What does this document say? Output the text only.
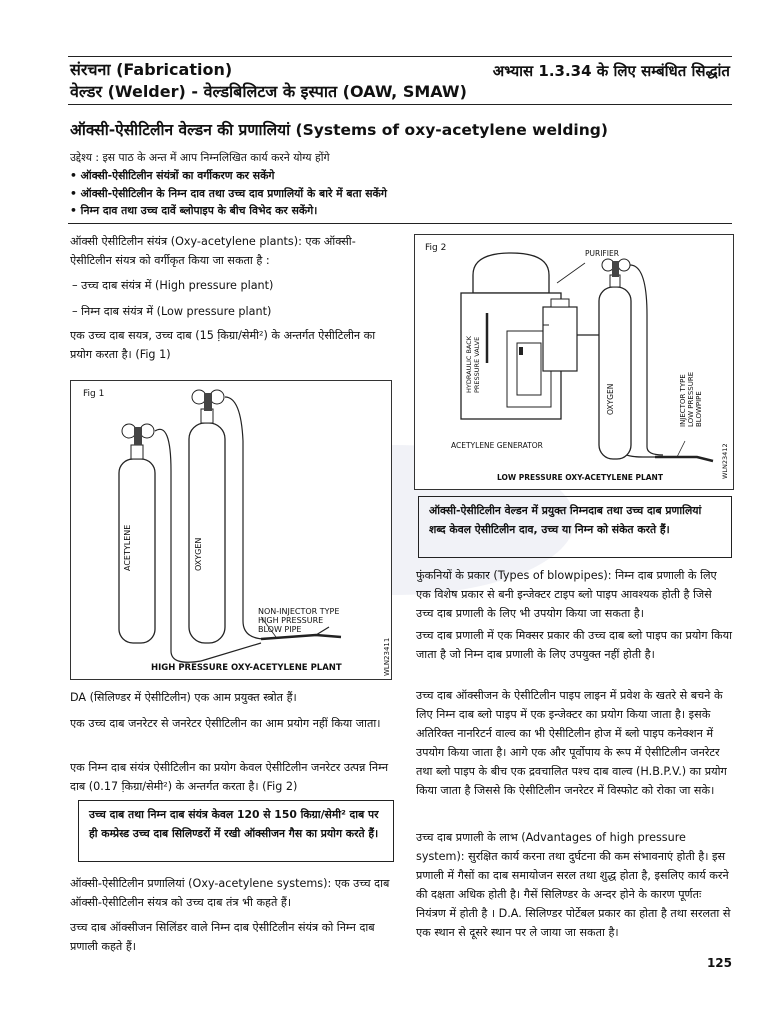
संरचना (Fabrication)	अभ्यास 1.3.34 के लिए सम्बंधित सिद्धांत
वेल्डर (Welder) - वेल्डबिलिटज के इस्पात (OAW, SMAW)
ऑक्सी-ऐसीटिलीन वेल्डन की प्रणालियां (Systems of oxy-acetylene welding)
उद्देश्य : इस पाठ के अन्त में आप निम्नलिखित कार्य करने योग्य होंगे
• ऑक्सी-ऐसीटिलीन संयंत्रों का वर्गीकरण कर सकेंगे
• ऑक्सी-ऐसीटिलीन के निम्न दाव तथा उच्च दाव प्रणालियों के बारे में बता सकेंगे
• निम्न दाव तथा उच्च दावें ब्लोपाइप के बीच विभेद कर सकेंगे।
ऑक्सी ऐसीटिलीन संयंत्र (Oxy-acetylene plants): एक ऑक्सी-ऐसीटिलीन संयत्र को वर्गीकृत किया जा सकता है :
– उच्च दाब संयंत्र में (High pressure plant)
– निम्न दाब संयंत्र में (Low pressure plant)
एक उच्च दाब सयत्र, उच्च दाब (15 कि़ग्रा/सेमी²) के अन्तर्गत ऐसीटिलीन का प्रयोग करता है। (Fig 1)
Fig 1
ACETYLENE	OXYGEN
NON-INJECTOR TYPE
HIGH PRESSURE
BLOW PIPE
HIGH PRESSURE OXY-ACETYLENE PLANT	WLN23411
DA (सिलिण्डर में ऐसीटिलीन) एक आम प्रयुक्त स्त्रोत हैं।
एक उच्च दाब जनरेटर से जनरेटर ऐसीटिलीन का आम प्रयोग नहीं किया जाता।
एक निम्न दाब संयंत्र ऐसीटिलीन का प्रयोग केवल ऐसीटिलीन जनरेटर उत्पन्न निम्न दाब (0.17 कि़ग्रा/सेमी²) के अन्तर्गत करता है। (Fig 2)
उच्च दाब तथा निम्न दाब संयंत्र केवल 120 से 150 किग्रा/सेमी² दाब पर ही कम्प्रेस्ड उच्च दाब सिलिण्डरों में रखी ऑक्सीजन गैस का प्रयोग करते हैं।
ऑक्सी-ऐसीटिलीन प्रणालियां (Oxy-acetylene systems): एक उच्च दाब ऑक्सी-ऐसीटिलीन संयत्र को उच्च दाब तंत्र भी कहते हैं।
उच्च दाब ऑक्सीजन सिलिंडर वाले निम्न दाब ऐसीटिलीन संयंत्र को निम्न दाब प्रणाली कहते हैं।
Fig 2
PURIFIER
HYDRAULIC BACK
PRESSURE VALVE
OXYGEN	INJECTOR TYPE
LOW PRESSURE
BLOWPIPE
ACETYLENE GENERATOR
LOW PRESSURE OXY-ACETYLENE PLANT	WLN23412
ऑक्सी-ऐसीटिलीन वेल्डन में प्रयुक्त निम्नदाब तथा उच्च दाब प्रणालियां शब्द केवल ऐसीटिलीन दाव, उच्च या निम्न को संकेत करते हैं।
फुंकनियों के प्रकार (Types of blowpipes): निम्न दाब प्रणाली के लिए एक विशेष प्रकार से बनी इन्जेक्टर टाइप ब्लो पाइप आवश्यक होती है जिसे उच्च दाब प्रणाली के लिए भी उपयोग किया जा सकता है।
उच्च दाब प्रणाली में एक मिक्सर प्रकार की उच्च दाब ब्लो पाइप का प्रयोग किया जाता है जो निम्न दाब प्रणाली के लिए उपयुक्त नहीं होती है।
उच्च दाब ऑक्सीजन के ऐसीटिलीन पाइप लाइन में प्रवेश के खतरे से बचने के लिए निम्न दाब ब्लो पाइप में एक इन्जेक्टर का प्रयोग किया जाता है। इसके अतिरिक्त नानरिटर्न वाल्व का भी ऐसीटिलीन होज में ब्लो पाइप कनेक्शन में उपयोग किया जाता है। आगे एक और पूर्वोपाय के रूप में ऐसीटिलीन जनरेटर तथा ब्लो पाइप के बीच एक द्रवचालित पश्च दाब वाल्व (H.B.P.V.) का प्रयोग किया जाता है जिससे कि ऐसीटिलीन जनरेटर में विस्फोट को रोका जा सके।
उच्च दाब प्रणाली के लाभ (Advantages of high pressure system): सुरक्षित कार्य करना तथा दुर्घटना की कम संभावनाएं होती है। इस प्रणाली में गैसों का दाब समायोजन सरल तथा शुद्ध होता है, इसलिए कार्य करने की दक्षता अधिक होती है। गैसें सिलिण्डर के अन्दर होने के कारण पूर्णतः नियंत्रण में होती है । D.A. सिलिण्डर पोर्टेबल प्रकार का होता है तथा सरलता से एक स्थान से दूसरे स्थान पर ले जाया जा सकता है।
125
